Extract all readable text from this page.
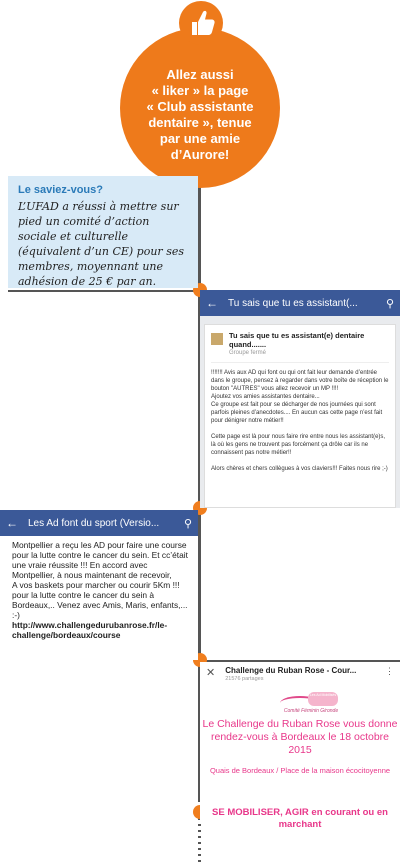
Allez aussi
« liker » la page
« Club assistante
dentaire », tenue
par une amie
d’Aurore!
Le saviez-vous?
L’UFAD a réussi à mettre sur pied un comité d’action sociale et culturelle (équivalent d’un CE) pour ses membres, moyennant une adhésion de 25 € par an.
← Tu sais que tu es assistant(...	⚲
Tu sais que tu es assistant(e) dentaire quand.......
Groupe fermé
!!!!!!! Avis aux AD qui font ou qui ont fait leur demande d’entrée dans le groupe, pensez à regarder dans votre boîte de réception le bouton "AUTRES" vous allez recevoir un MP !!!!
Ajoutez vos amies assistantes dentaire...
Ce groupe est fait pour se décharger de nos journées qui sont parfois pleines d’anecdotes.... En aucun cas cette page n’est fait pour dénigrer notre métier!!

Cette page est là pour nous faire rire entre nous les assistant(e)s, là où les gens ne trouvent pas forcément ça drôle car ils ne connaissent pas notre métier!!

Alors chères et chers collègues à vos claviers!!! Faites nous rire ;-)
← Les Ad font du sport (Versio...	⚲
Montpellier a reçu les AD pour faire une course pour la lutte contre le cancer du sein. Et cc’était une vraie réussite !!! En accord avec Montpellier, à nous maintenant de recevoir,
A vos baskets pour marcher ou courir 5Km !!! pour la lutte contre le cancer du sein à Bordeaux,.. Venez avec Amis, Maris, enfants,... :-)
http://www.challengedurubanrose.fr/le-challenge/bordeaux/course
✕ Challenge du Ruban Rose - Cour...
21576 partages
⋮
Les Ad Mobilisés
Comité Féminin Gironde
Le Challenge du Ruban Rose vous donne rendez-vous à Bordeaux le 18 octobre 2015
Quais de Bordeaux / Place de la maison écocitoyenne
SE MOBILISER, AGIR en courant ou en marchant
